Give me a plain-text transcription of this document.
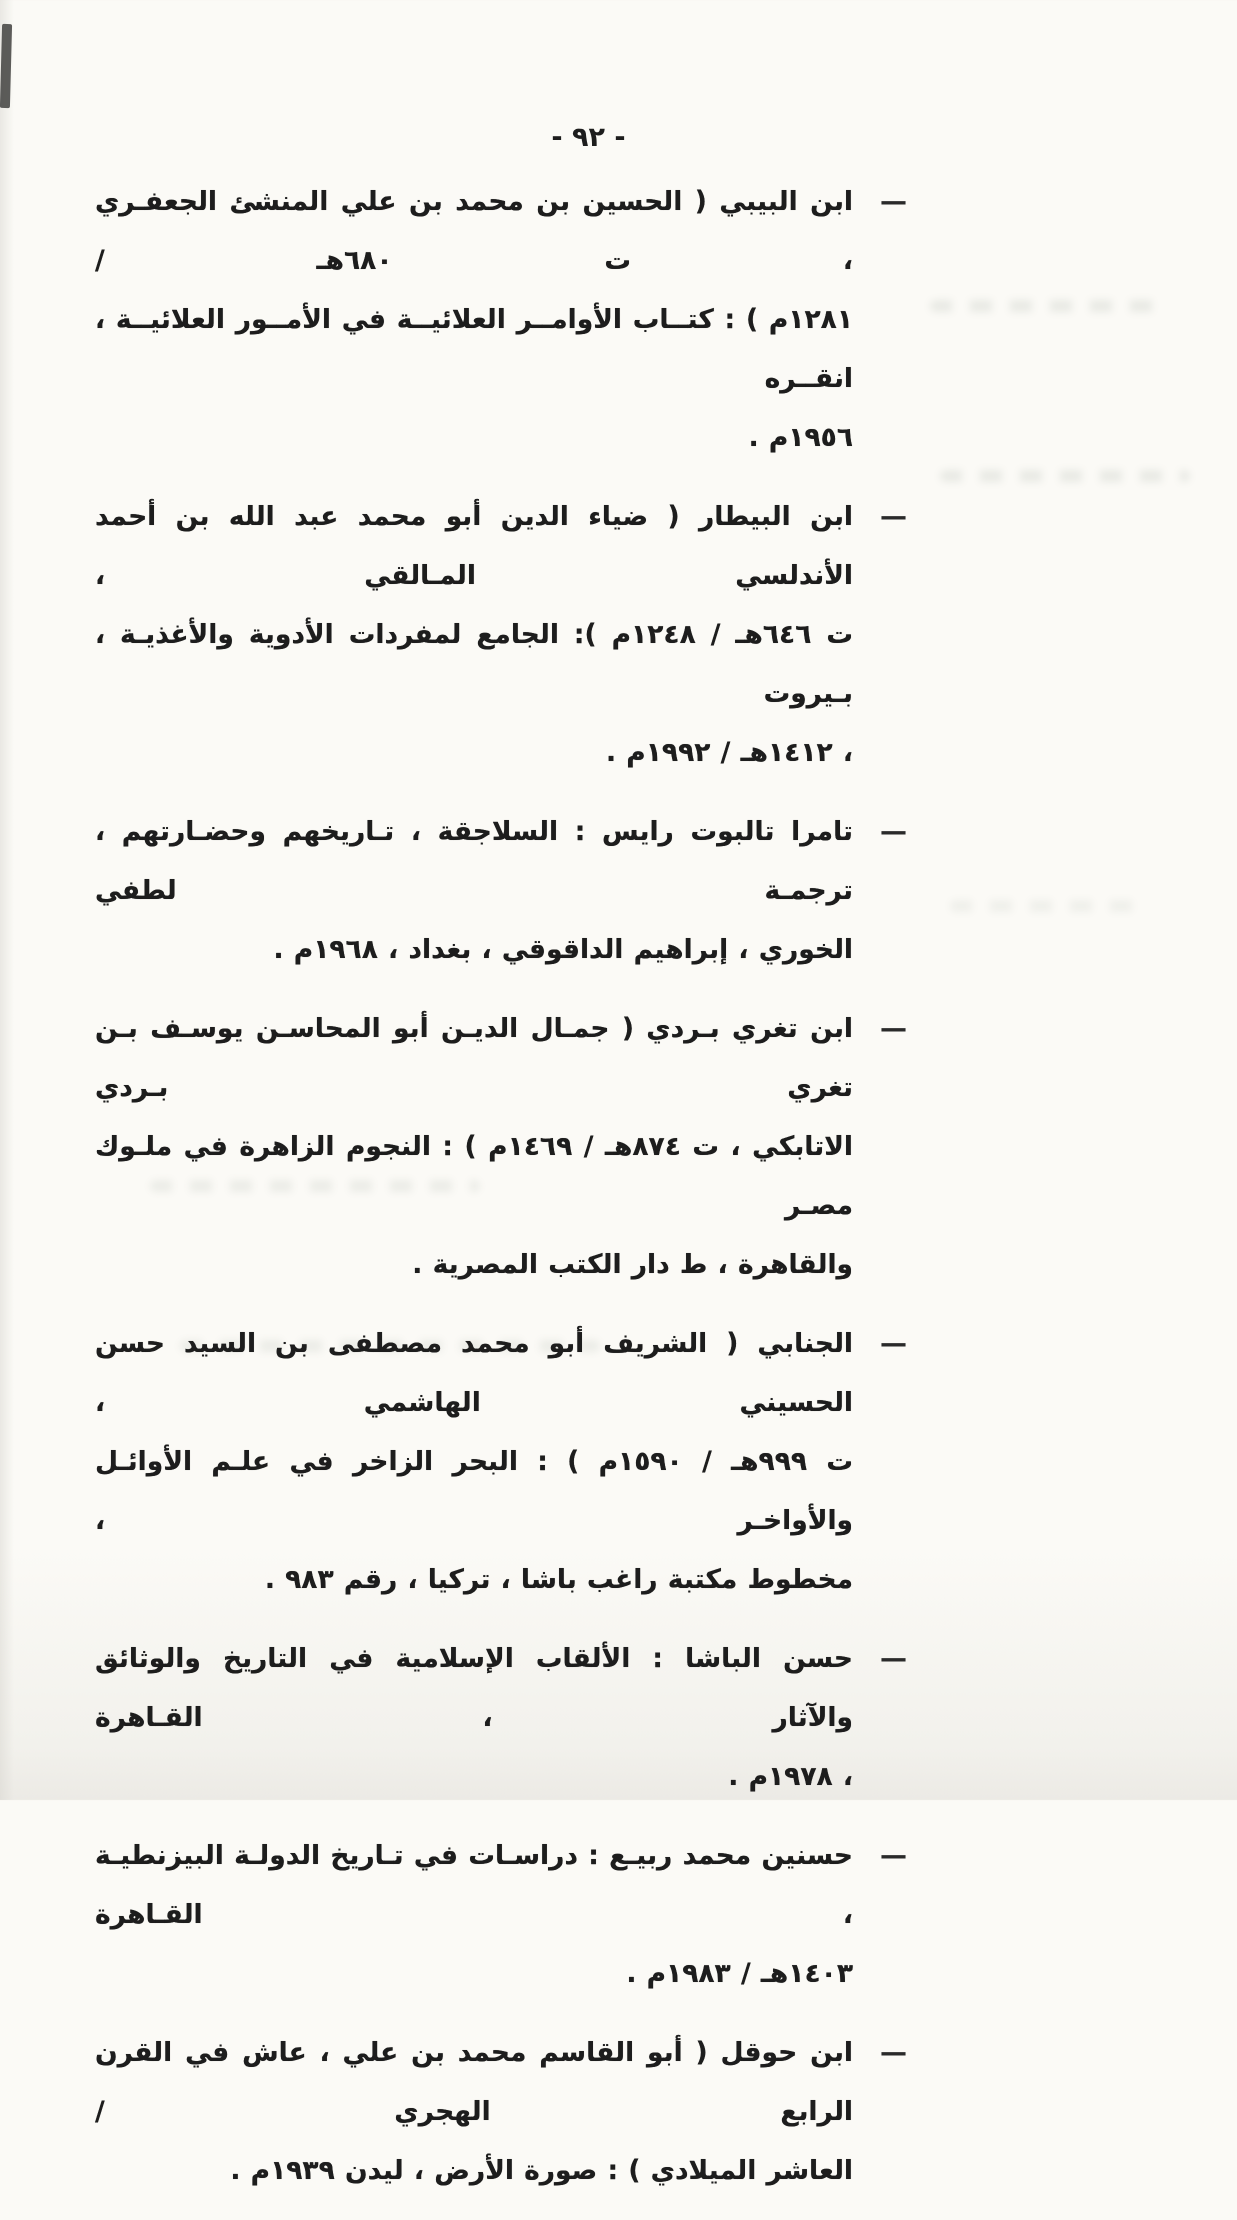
- ٩٢ -
—
ابن البيبي ( الحسين بن محمد بن علي المنشئ الجعفـري ، ت ٦٨٠هـ /
١٢٨١م ) : كتــاب الأوامــر العلائيــة في الأمــور العلائيــة ، انقــره
١٩٥٦م .
—
ابن البيطار ( ضياء الدين أبو محمد عبد الله بن أحمد الأندلسي المـالقي ،
ت ٦٤٦هـ / ١٢٤٨م ): الجامع لمفردات الأدوية والأغذيـة ، بـيروت
، ١٤١٢هـ / ١٩٩٢م .
—
تامرا تالبوت رايس : السلاجقة ، تـاريخهم وحضـارتهم ، ترجمـة لطفي
الخوري ، إبراهيم الداقوقي ، بغداد ، ١٩٦٨م .
—
ابن تغري بـردي ( جمـال الديـن أبو المحاسـن يوسـف بـن تغري بـردي
الاتابكي ، ت ٨٧٤هـ / ١٤٦٩م ) : النجوم الزاهرة في ملـوك مصـر
والقاهرة ، ط دار الكتب المصرية .
—
الجنابي ( الشريف أبو محمد مصطفى بن السيد حسن الحسيني الهاشمي ،
ت ٩٩٩هـ / ١٥٩٠م ) : البحر الزاخر في علـم الأوائـل والأواخـر ،
مخطوط مكتبة راغب باشا ، تركيا ، رقم ٩٨٣ .
—
حسن الباشا : الألقاب الإسلامية في التاريخ والوثائق والآثار ، القـاهرة
، ١٩٧٨م .
—
حسنين محمد ربيـع : دراسـات في تـاريخ الدولـة البيزنطيـة ، القـاهرة
١٤٠٣هـ / ١٩٨٣م .
—
ابن حوقل ( أبو القاسم محمد بن علي ، عاش في القرن الرابع الهجري /
العاشر الميلادي ) : صورة الأرض ، ليدن ١٩٣٩م .
